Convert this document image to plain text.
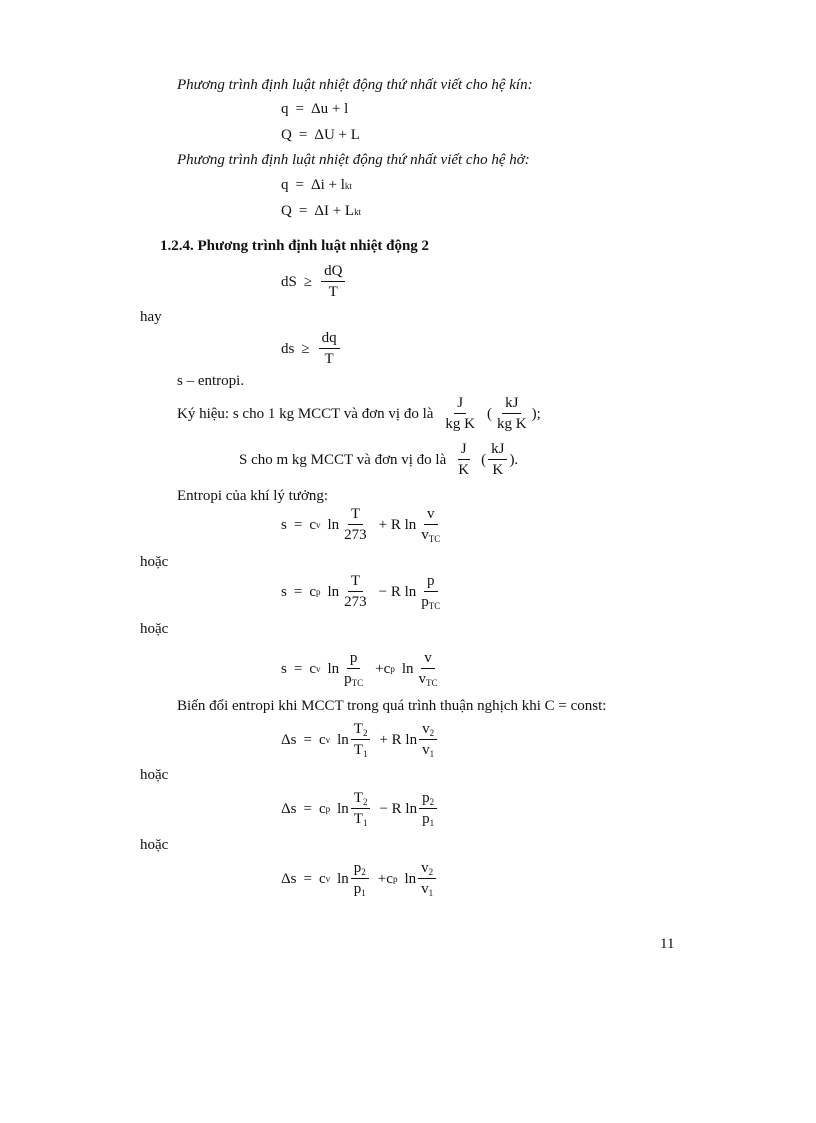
Phương trình định luật nhiệt động thứ nhất viết cho hệ kín:
q = Δu + l
Q = ΔU + L
Phương trình định luật nhiệt động thứ nhất viết cho hệ hở:
q = Δi + l kt
Q = ΔI + L kt
1.2.4. Phương trình định luật nhiệt động 2
dS ≥ $\frac{dQ}{T}$
hay
ds ≥ $\frac{dq}{T}$
s – entropi.
Ký hiệu: s cho 1 kg MCCT và đơn vị đo là $\frac{J}{\text{kg K}}$ ( $\frac{kJ}{\text{kg K}}$ );
S cho m kg MCCT và đơn vị đo là $\frac{J}{K}$ ( $\frac{kJ}{K}$ ).
Entropi của khí lý tưởng:
s = c v $\ln \frac{T}{273} + R$ $\ln \frac{v}{v_{TC}}$
hoặc
s = c p $\ln \frac{T}{273} - R$ $\ln \frac{p}{p_{TC}}$
hoặc
s = c v $\ln \frac{p}{p_{TC}} + c$ p $\ln \frac{v}{v_{TC}}$
Biến đổi entropi khi MCCT trong quá trình thuận nghịch khi C = const:
Δs = c v $\ln \frac{T_2}{T_1} + R$ $\ln \frac{v_2}{v_1}$
hoặc
Δs = c p $\ln \frac{T_2}{T_1} - R$ $\ln \frac{p_2}{p_1}$
hoặc
Δs = c v $\ln \frac{p_2}{p_1} + c$ p $\ln \frac{v_2}{v_1}$
11
